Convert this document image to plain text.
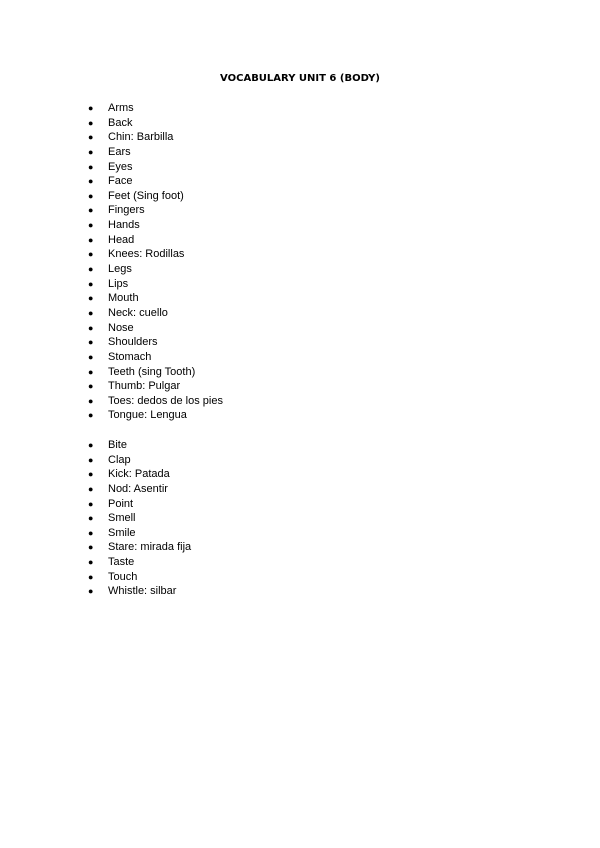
VOCABULARY UNIT 6 (BODY)
●	Arms
●	Back
●	Chin: Barbilla
●	Ears
●	Eyes
●	Face
●	Feet (Sing foot)
●	Fingers
●	Hands
●	Head
●	Knees: Rodillas
●	Legs
●	Lips
●	Mouth
●	Neck: cuello
●	Nose
●	Shoulders
●	Stomach
●	Teeth (sing Tooth)
●	Thumb: Pulgar
●	Toes: dedos de los pies
●	Tongue: Lengua
●	Bite
●	Clap
●	Kick: Patada
●	Nod: Asentir
●	Point
●	Smell
●	Smile
●	Stare: mirada fija
●	Taste
●	Touch
●	Whistle: silbar
